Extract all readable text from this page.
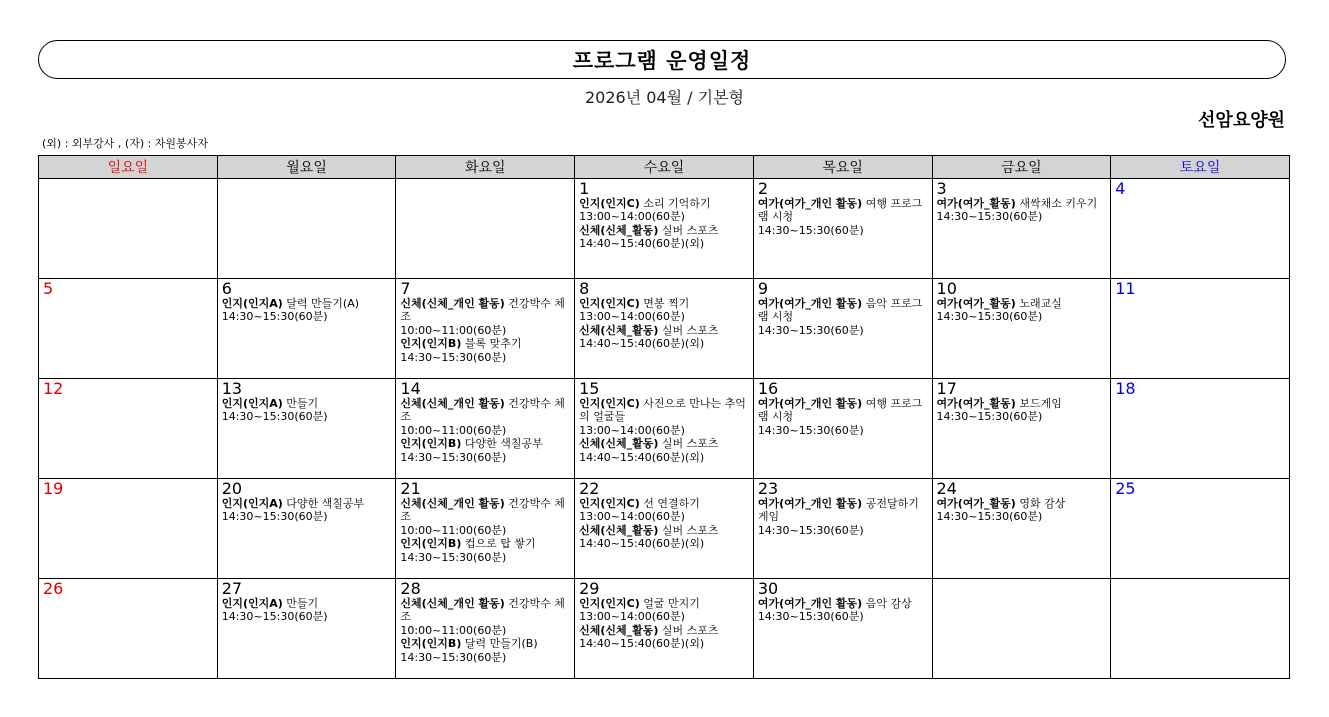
프로그램 운영일정
2026년 04월 / 기본형
선암요양원
(외) : 외부강사 , (자) : 자원봉사자
일요일	월요일	화요일	수요일	목요일	금요일	토요일

			1
인지(인지C) 소리 기억하기
13:00~14:00(60분)
신체(신체_활동) 실버 스포츠
14:40~15:40(60분)(외)	2
여가(여가_개인 활동) 여행 프로그램 시청
14:30~15:30(60분)	3
여가(여가_활동) 새싹채소 키우기
14:30~15:30(60분)	4

5	6
인지(인지A) 달력 만들기(A)
14:30~15:30(60분)	7
신체(신체_개인 활동) 건강박수 체조
10:00~11:00(60분)
인지(인지B) 블록 맞추기
14:30~15:30(60분)	8
인지(인지C) 면봉 찍기
13:00~14:00(60분)
신체(신체_활동) 실버 스포츠
14:40~15:40(60분)(외)	9
여가(여가_개인 활동) 음악 프로그램 시청
14:30~15:30(60분)	10
여가(여가_활동) 노래교실
14:30~15:30(60분)	11

12	13
인지(인지A) 만들기
14:30~15:30(60분)	14
신체(신체_개인 활동) 건강박수 체조
10:00~11:00(60분)
인지(인지B) 다양한 색칠공부
14:30~15:30(60분)	15
인지(인지C) 사진으로 만나는 추억의 얼굴들
13:00~14:00(60분)
신체(신체_활동) 실버 스포츠
14:40~15:40(60분)(외)	16
여가(여가_개인 활동) 여행 프로그램 시청
14:30~15:30(60분)	17
여가(여가_활동) 보드게임
14:30~15:30(60분)	18

19	20
인지(인지A) 다양한 색칠공부
14:30~15:30(60분)	21
신체(신체_개인 활동) 건강박수 체조
10:00~11:00(60분)
인지(인지B) 컵으로 탑 쌓기
14:30~15:30(60분)	22
인지(인지C) 선 연결하기
13:00~14:00(60분)
신체(신체_활동) 실버 스포츠
14:40~15:40(60분)(외)	23
여가(여가_개인 활동) 공전달하기 게임
14:30~15:30(60분)	24
여가(여가_활동) 영화 감상
14:30~15:30(60분)	25

26	27
인지(인지A) 만들기
14:30~15:30(60분)	28
신체(신체_개인 활동) 건강박수 체조
10:00~11:00(60분)
인지(인지B) 달력 만들기(B)
14:30~15:30(60분)	29
인지(인지C) 얼굴 만지기
13:00~14:00(60분)
신체(신체_활동) 실버 스포츠
14:40~15:40(60분)(외)	30
여가(여가_개인 활동) 음악 감상
14:30~15:30(60분)		
